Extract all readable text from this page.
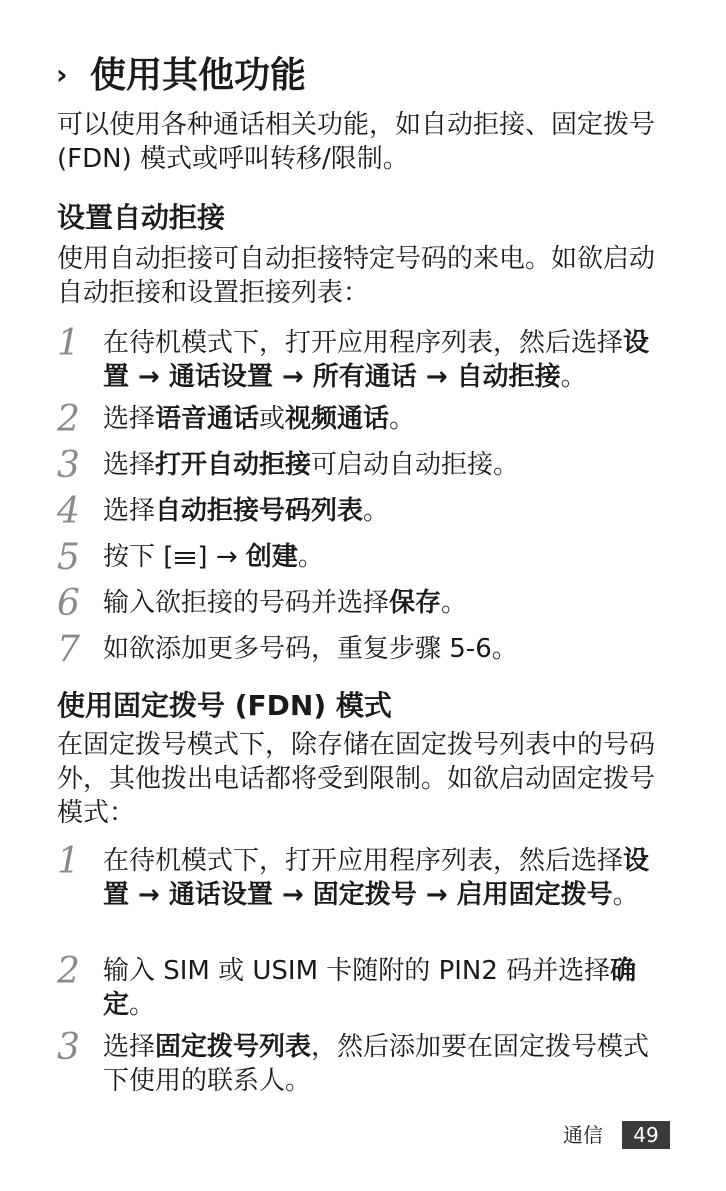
› 使用其他功能
可以使用各种通话相关功能，如自动拒接、固定拨号 (FDN) 模式或呼叫转移/限制。
设置自动拒接
使用自动拒接可自动拒接特定号码的来电。如欲启动自动拒接和设置拒接列表：
1 在待机模式下，打开应用程序列表，然后选择设置 → 通话设置 → 所有通话 → 自动拒接。
2 选择语音通话或视频通话。
3 选择打开自动拒接可启动自动拒接。
4 选择自动拒接号码列表。
5 按下 [ ] → 创建。
6 输入欲拒接的号码并选择保存。
7 如欲添加更多号码，重复步骤 5-6。
使用固定拨号 (FDN) 模式
在固定拨号模式下，除存储在固定拨号列表中的号码外，其他拨出电话都将受到限制。如欲启动固定拨号模式：
1 在待机模式下，打开应用程序列表，然后选择设置 → 通话设置 → 固定拨号 → 启用固定拨号。
2 输入 SIM 或 USIM 卡随附的 PIN2 码并选择确定。
3 选择固定拨号列表，然后添加要在固定拨号模式下使用的联系人。
通信	49
